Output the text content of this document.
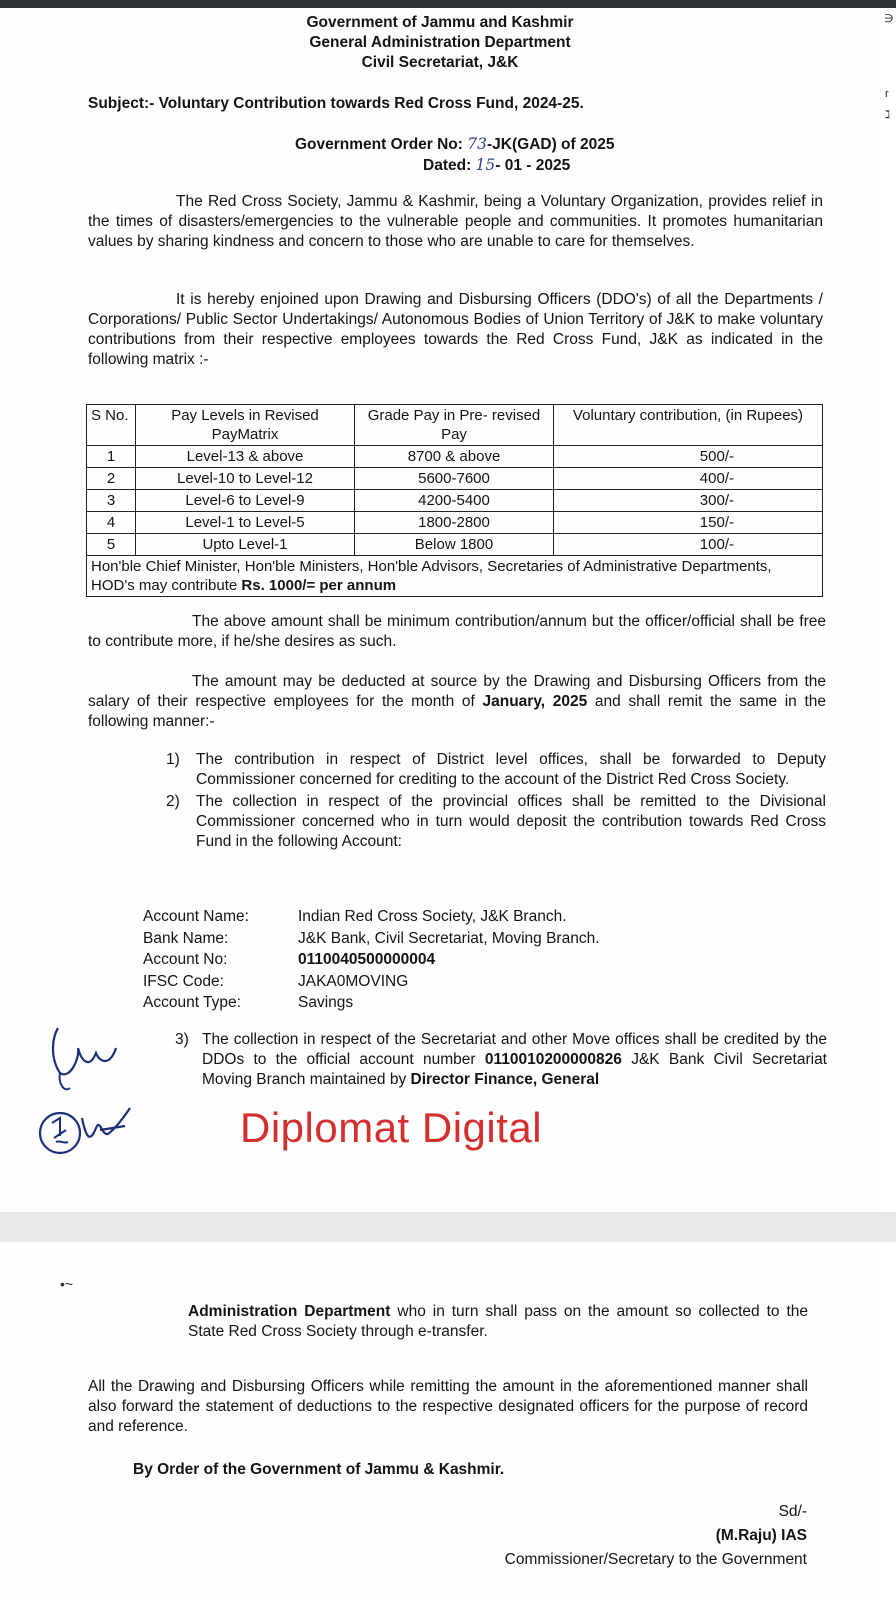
Government of Jammu and Kashmir
General Administration Department
Civil Secretariat, J&K
Subject:- Voluntary Contribution towards Red Cross Fund, 2024-25.
Government Order No: 73-JK(GAD) of 2025
Dated: 15- 01 - 2025
The Red Cross Society, Jammu & Kashmir, being a Voluntary Organization, provides relief in the times of disasters/emergencies to the vulnerable people and communities. It promotes humanitarian values by sharing kindness and concern to those who are unable to care for themselves.
It is hereby enjoined upon Drawing and Disbursing Officers (DDO's) of all the Departments / Corporations/ Public Sector Undertakings/ Autonomous Bodies of Union Territory of J&K to make voluntary contributions from their respective employees towards the Red Cross Fund, J&K as indicated in the following matrix :-
S No.	Pay Levels in Revised PayMatrix	Grade Pay in Pre- revised Pay	Voluntary contribution, (in Rupees)
1	Level-13 & above	8700 & above	500/-
2	Level-10 to Level-12	5600-7600	400/-
3	Level-6 to Level-9	4200-5400	300/-
4	Level-1 to Level-5	1800-2800	150/-
5	Upto Level-1	Below 1800	100/-
Hon'ble Chief Minister, Hon'ble Ministers, Hon'ble Advisors, Secretaries of Administrative Departments, HOD's may contribute Rs. 1000/= per annum			
The above amount shall be minimum contribution/annum but the officer/official shall be free to contribute more, if he/she desires as such.
The amount may be deducted at source by the Drawing and Disbursing Officers from the salary of their respective employees for the month of January, 2025 and shall remit the same in the following manner:-
1) The contribution in respect of District level offices, shall be forwarded to Deputy Commissioner concerned for crediting to the account of the District Red Cross Society.
2) The collection in respect of the provincial offices shall be remitted to the Divisional Commissioner concerned who in turn would deposit the contribution towards Red Cross Fund in the following Account:
Account Name:	Indian Red Cross Society, J&K Branch.
Bank Name:	J&K Bank, Civil Secretariat, Moving Branch.
Account No:	0110040500000004
IFSC Code:	JAKA0MOVING
Account Type:	Savings
3) The collection in respect of the Secretariat and other Move offices shall be credited by the DDOs to the official account number 0110010200000826 J&K Bank Civil Secretariat Moving Branch maintained by Director Finance, General
Diplomat Digital
∋
r
ℷ
•~
Administration Department who in turn shall pass on the amount so collected to the State Red Cross Society through e-transfer.
All the Drawing and Disbursing Officers while remitting the amount in the aforementioned manner shall also forward the statement of deductions to the respective designated officers for the purpose of record and reference.
By Order of the Government of Jammu & Kashmir.
Sd/-
(M.Raju) IAS
Commissioner/Secretary to the Government
